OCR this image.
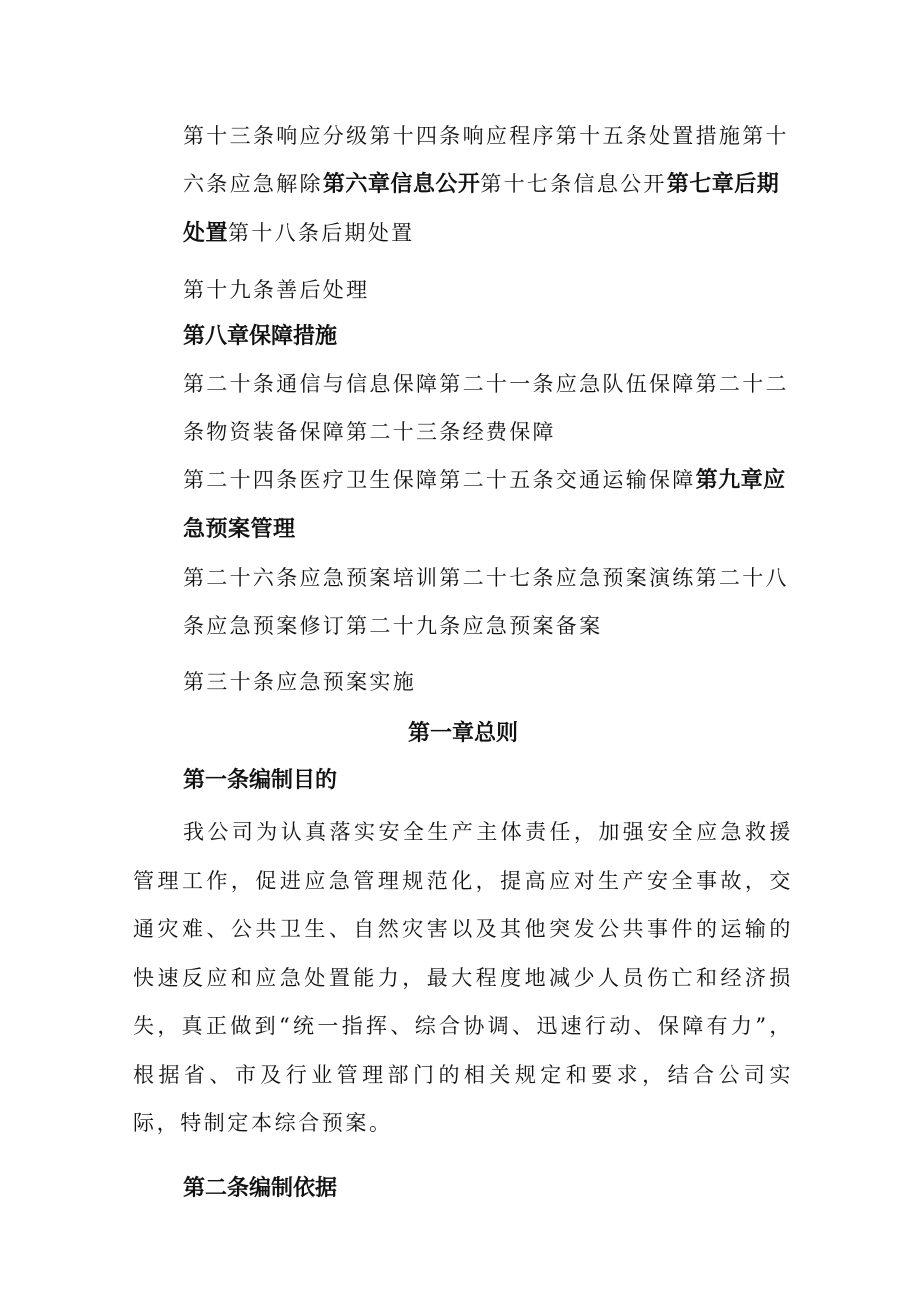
第十三条响应分级第十四条响应程序第十五条处置措施第十六条应急解除第六章信息公开第十七条信息公开第七章后期处置第十八条后期处置

第十九条善后处理

第八章保障措施

第二十条通信与信息保障第二十一条应急队伍保障第二十二条物资装备保障第二十三条经费保障

第二十四条医疗卫生保障第二十五条交通运输保障第九章应急预案管理

第二十六条应急预案培训第二十七条应急预案演练第二十八条应急预案修订第二十九条应急预案备案

第三十条应急预案实施

第一章总则

第一条编制目的

我公司为认真落实安全生产主体责任，加强安全应急救援管理工作，促进应急管理规范化，提高应对生产安全事故，交通灾难、公共卫生、自然灾害以及其他突发公共事件的运输的快速反应和应急处置能力，最大程度地减少人员伤亡和经济损失，真正做到“统一指挥、综合协调、迅速行动、保障有力”，根据省、市及行业管理部门的相关规定和要求，结合公司实际，特制定本综合预案。

第二条编制依据
